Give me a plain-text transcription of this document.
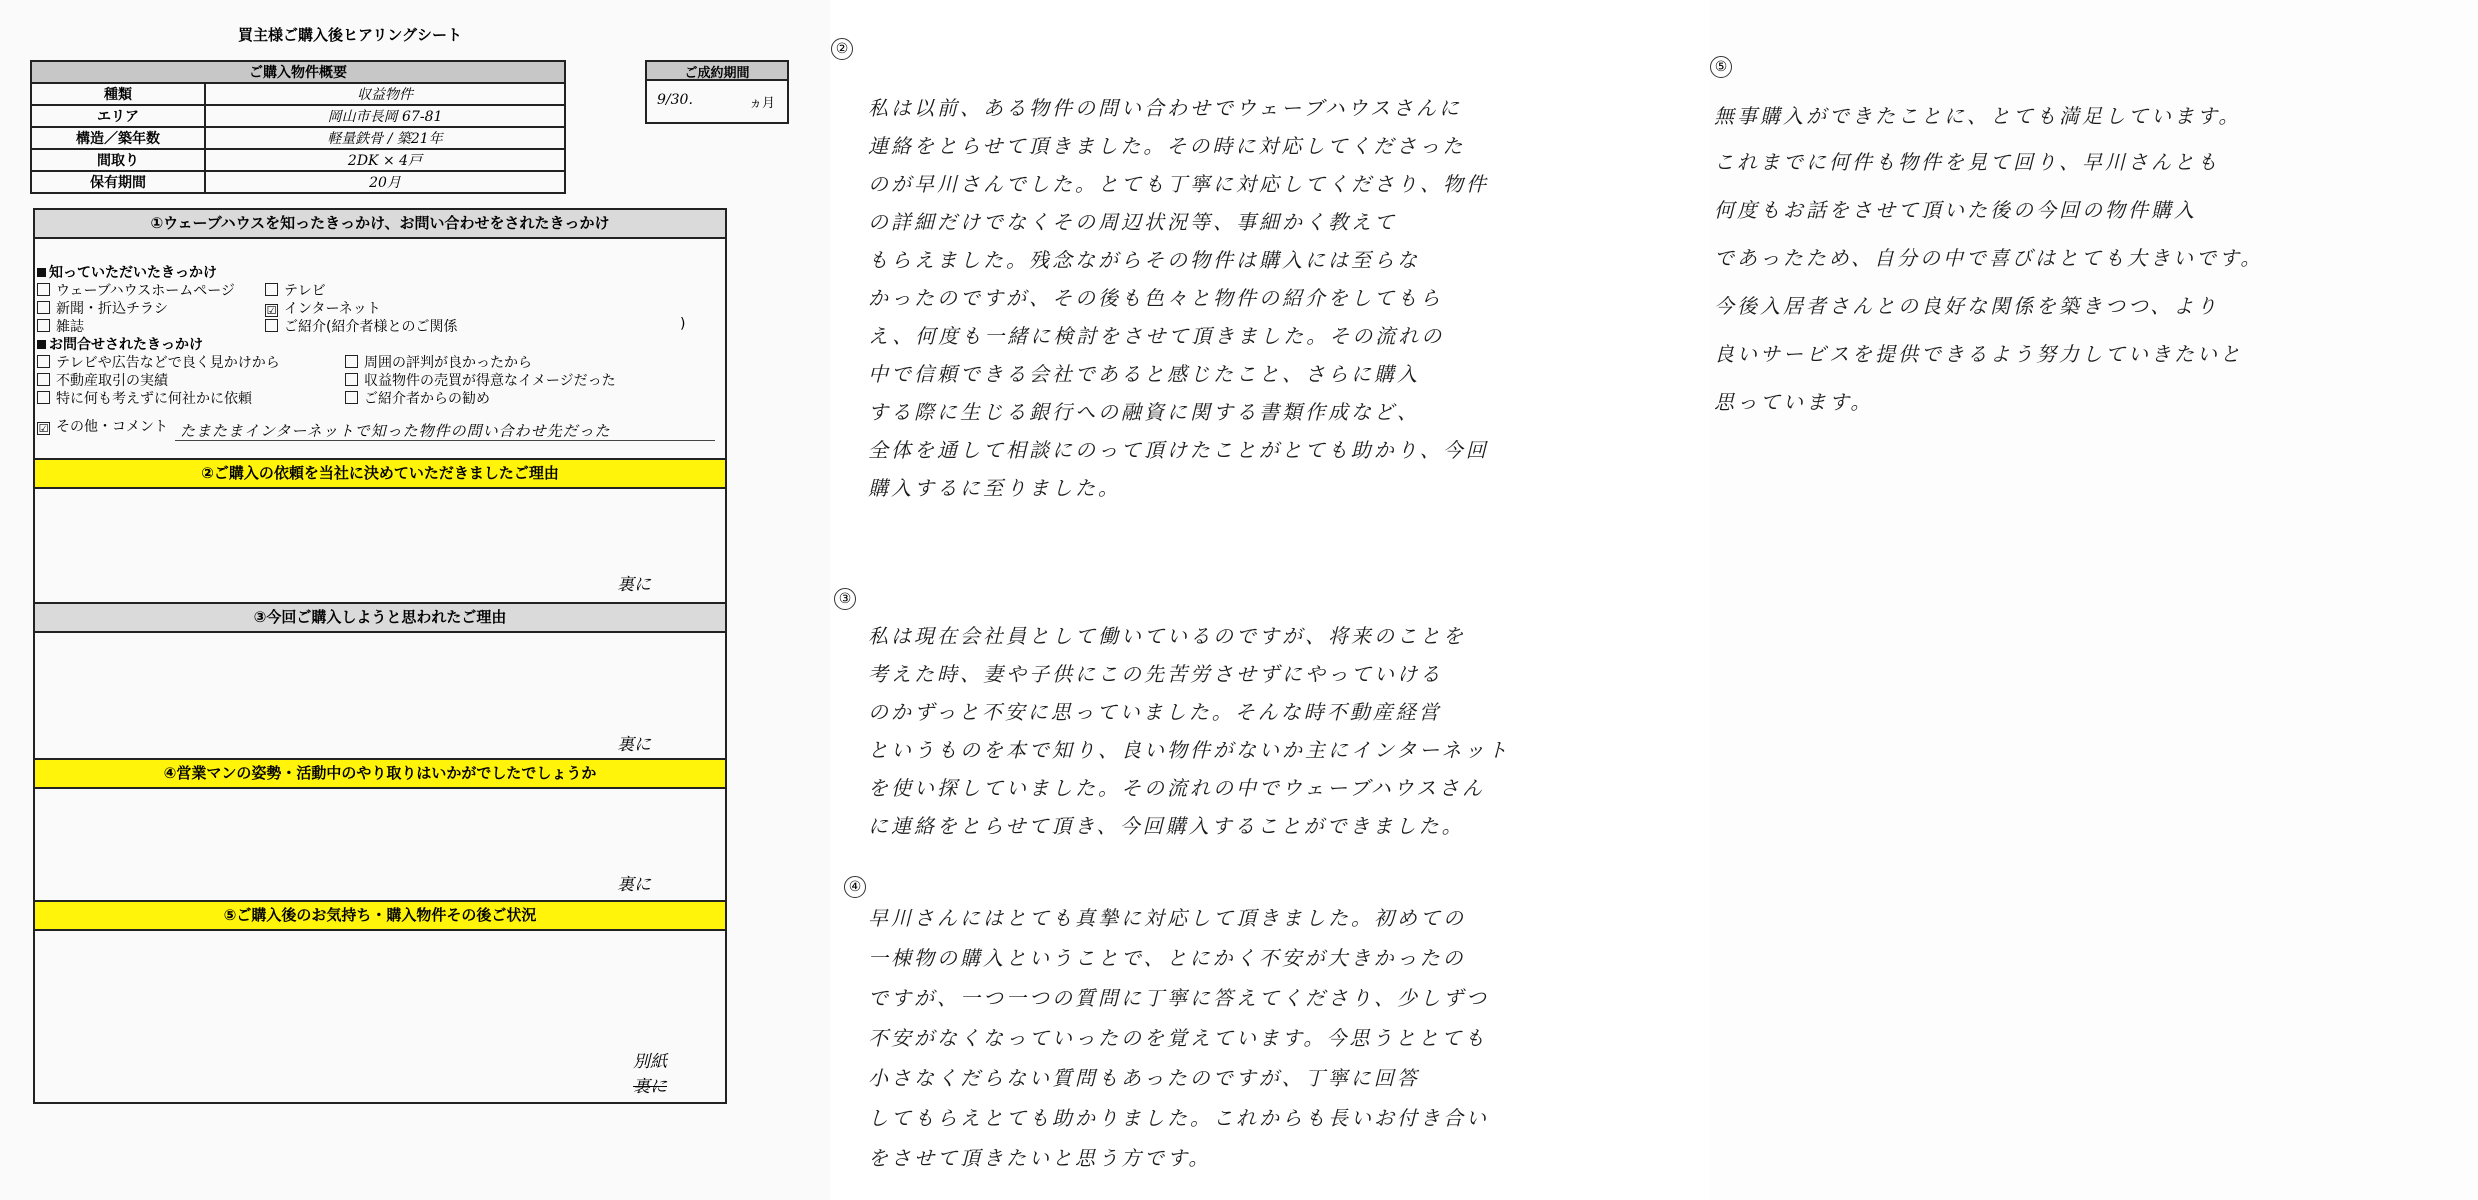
買主様ご購入後ヒアリングシート
ご購入物件概要	
種類	収益物件
エリア	岡山市長岡 67-81
構造／築年数	軽量鉄骨 / 築21年
間取り	2DK × 4戸
保有期間	20月
ご成約期間
9/30.	ヵ月
①ウェーブハウスを知ったきっかけ、お問い合わせをされたきっかけ
知っていただいたきっかけ
ウェーブハウスホームページ	テレビ
新聞・折込チラシ	☑ インターネット
雑誌	ご紹介(紹介者様とのご関係	)
お問合せされたきっかけ
テレビや広告などで良く見かけから	周囲の評判が良かったから
不動産取引の実績	収益物件の売買が得意なイメージだった
特に何も考えずに何社かに依頼	ご紹介者からの勧め
☑ その他・コメント たまたまインターネットで知った物件の問い合わせ先だった
②ご購入の依頼を当社に決めていただきましたご理由
裏に
③今回ご購入しようと思われたご理由
裏に
④営業マンの姿勢・活動中のやり取りはいかがでしたでしょうか
裏に
⑤ご購入後のお気持ち・購入物件その後ご状況
別紙
裏に
②
私は以前、ある物件の問い合わせでウェーブハウスさんに
連絡をとらせて頂きました。その時に対応してくださった
のが早川さんでした。とても丁寧に対応してくださり、物件
の詳細だけでなくその周辺状況等、事細かく教えて
もらえました。残念ながらその物件は購入には至らな
かったのですが、その後も色々と物件の紹介をしてもら
え、何度も一緒に検討をさせて頂きました。その流れの
中で信頼できる会社であると感じたこと、さらに購入
する際に生じる銀行への融資に関する書類作成など、
全体を通して相談にのって頂けたことがとても助かり、今回
購入するに至りました。
③
私は現在会社員として働いているのですが、将来のことを
考えた時、妻や子供にこの先苦労させずにやっていける
のかずっと不安に思っていました。そんな時不動産経営
というものを本で知り、良い物件がないか主にインターネット
を使い探していました。その流れの中でウェーブハウスさん
に連絡をとらせて頂き、今回購入することができました。
④
早川さんにはとても真摯に対応して頂きました。初めての
一棟物の購入ということで、とにかく不安が大きかったの
ですが、一つ一つの質問に丁寧に答えてくださり、少しずつ
不安がなくなっていったのを覚えています。今思うととても
小さなくだらない質問もあったのですが、丁寧に回答
してもらえとても助かりました。これからも長いお付き合い
をさせて頂きたいと思う方です。
⑤
無事購入ができたことに、とても満足しています。
これまでに何件も物件を見て回り、早川さんとも
何度もお話をさせて頂いた後の今回の物件購入
であったため、自分の中で喜びはとても大きいです。
今後入居者さんとの良好な関係を築きつつ、より
良いサービスを提供できるよう努力していきたいと
思っています。
